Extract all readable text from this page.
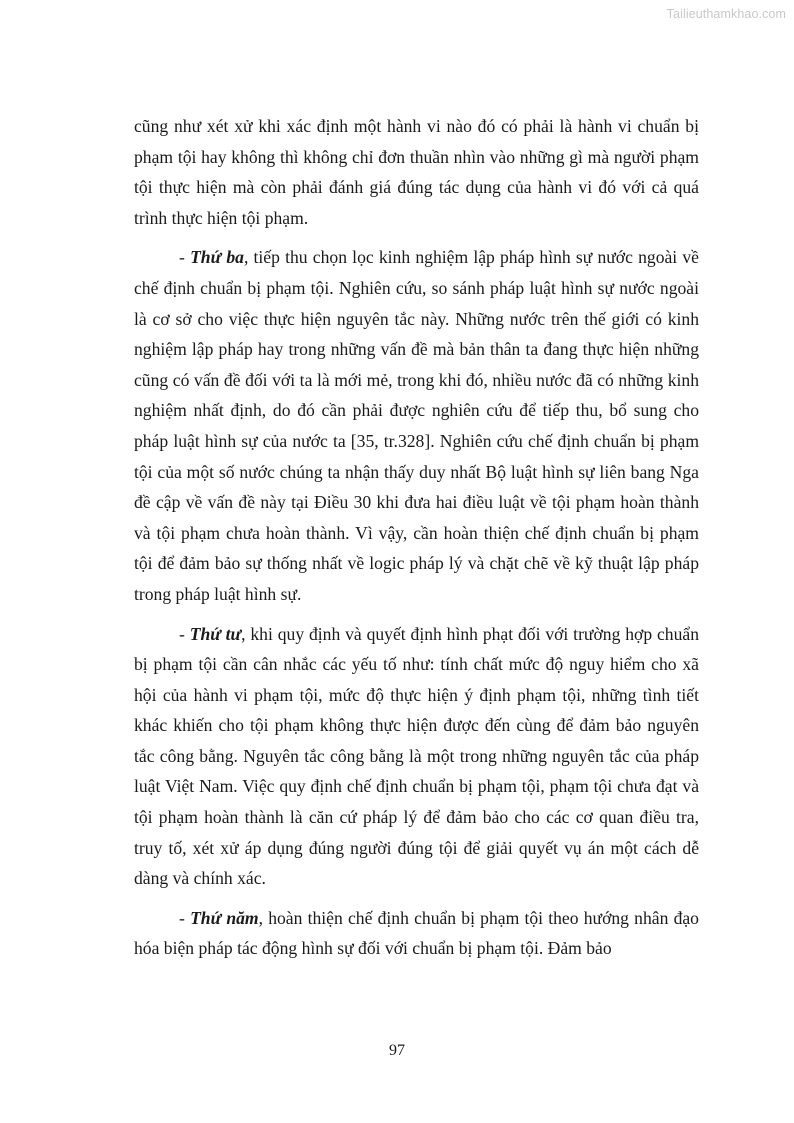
Tailieuthamkhao.com

cũng như xét xử khi xác định một hành vi nào đó có phải là hành vi chuẩn bị phạm tội hay không thì không chỉ đơn thuần nhìn vào những gì mà người phạm tội thực hiện mà còn phải đánh giá đúng tác dụng của hành vi đó với cả quá trình thực hiện tội phạm.

- Thứ ba, tiếp thu chọn lọc kinh nghiệm lập pháp hình sự nước ngoài về chế định chuẩn bị phạm tội. Nghiên cứu, so sánh pháp luật hình sự nước ngoài là cơ sở cho việc thực hiện nguyên tắc này. Những nước trên thế giới có kinh nghiệm lập pháp hay trong những vấn đề mà bản thân ta đang thực hiện những cũng có vấn đề đối với ta là mới mẻ, trong khi đó, nhiều nước đã có những kinh nghiệm nhất định, do đó cần phải được nghiên cứu để tiếp thu, bổ sung cho pháp luật hình sự của nước ta [35, tr.328]. Nghiên cứu chế định chuẩn bị phạm tội của một số nước chúng ta nhận thấy duy nhất Bộ luật hình sự liên bang Nga đề cập về vấn đề này tại Điều 30 khi đưa hai điều luật về tội phạm hoàn thành và tội phạm chưa hoàn thành. Vì vậy, cần hoàn thiện chế định chuẩn bị phạm tội để đảm bảo sự thống nhất về logic pháp lý và chặt chẽ về kỹ thuật lập pháp trong pháp luật hình sự.

- Thứ tư, khi quy định và quyết định hình phạt đối với trường hợp chuẩn bị phạm tội cần cân nhắc các yếu tố như: tính chất mức độ nguy hiểm cho xã hội của hành vi phạm tội, mức độ thực hiện ý định phạm tội, những tình tiết khác khiến cho tội phạm không thực hiện được đến cùng để đảm bảo nguyên tắc công bằng. Nguyên tắc công bằng là một trong những nguyên tắc của pháp luật Việt Nam. Việc quy định chế định chuẩn bị phạm tội, phạm tội chưa đạt và tội phạm hoàn thành là căn cứ pháp lý để đảm bảo cho các cơ quan điều tra, truy tố, xét xử áp dụng đúng người đúng tội để giải quyết vụ án một cách dễ dàng và chính xác.

- Thứ năm, hoàn thiện chế định chuẩn bị phạm tội theo hướng nhân đạo hóa biện pháp tác động hình sự đối với chuẩn bị phạm tội. Đảm bảo

97
